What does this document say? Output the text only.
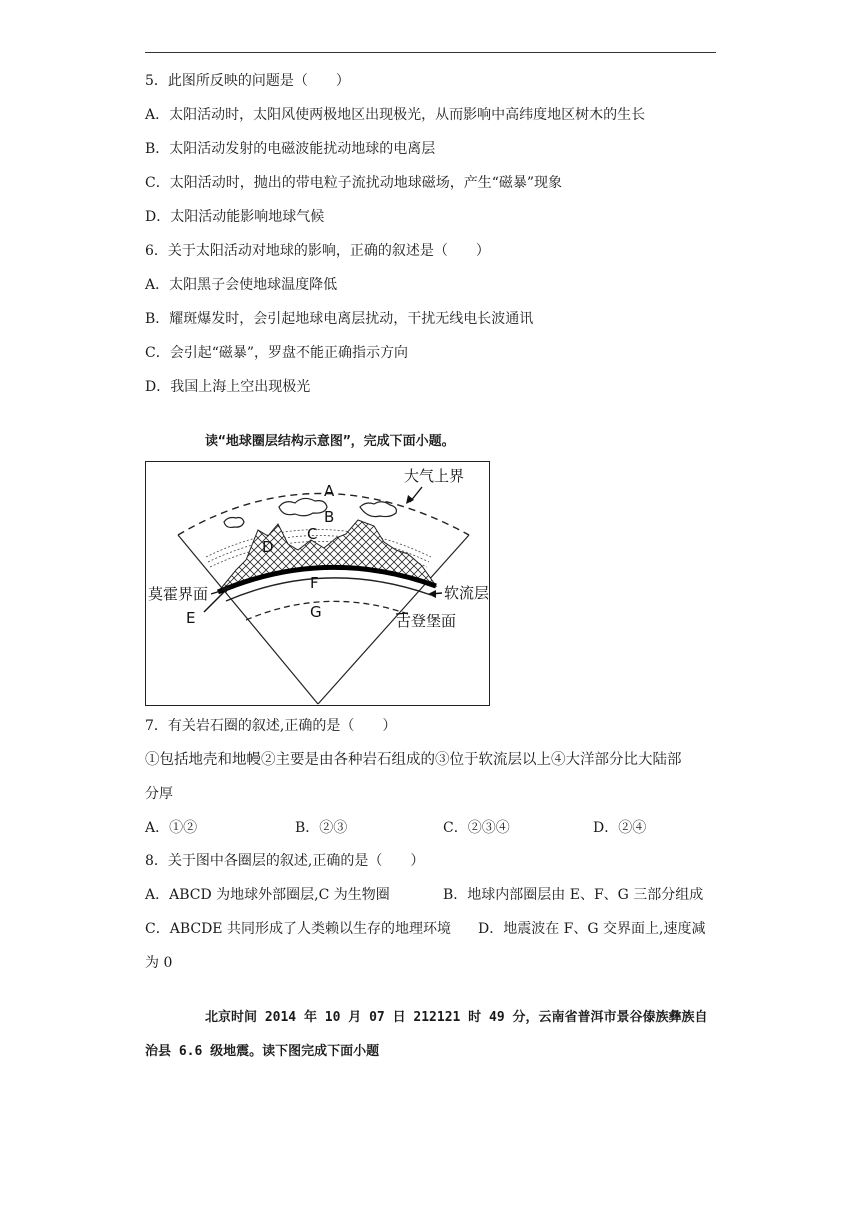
5．此图所反映的问题是（　　）
A．太阳活动时，太阳风使两极地区出现极光，从而影响中高纬度地区树木的生长
B．太阳活动发射的电磁波能扰动地球的电离层
C．太阳活动时，抛出的带电粒子流扰动地球磁场，产生“磁暴”现象
D．太阳活动能影响地球气候
6．关于太阳活动对地球的影响，正确的叙述是（　　）
A．太阳黑子会使地球温度降低
B．耀斑爆发时，会引起地球电离层扰动，干扰无线电长波通讯
C．会引起“磁暴”，罗盘不能正确指示方向
D．我国上海上空出现极光
读“地球圈层结构示意图”，完成下面小题。
大气上界
A
B
C
D
F
G
E
莫霍界面	软流层
古登堡面
7．有关岩石圈的叙述,正确的是（　　）
①包括地壳和地幔②主要是由各种岩石组成的③位于软流层以上④大洋部分比大陆部
分厚
A．①②	B．②③	C．②③④	D．②④
8．关于图中各圈层的叙述,正确的是（　　）
A．ABCD 为地球外部圈层,C 为生物圈	B．地球内部圈层由 E、F、G 三部分组成
C．ABCDE 共同形成了人类赖以生存的地理环境 D．地震波在 F、G 交界面上,速度减
为 0
北京时间 2014 年 10 月 07 日 212121 时 49 分，云南省普洱市景谷傣族彝族自
治县 6.6 级地震。读下图完成下面小题
